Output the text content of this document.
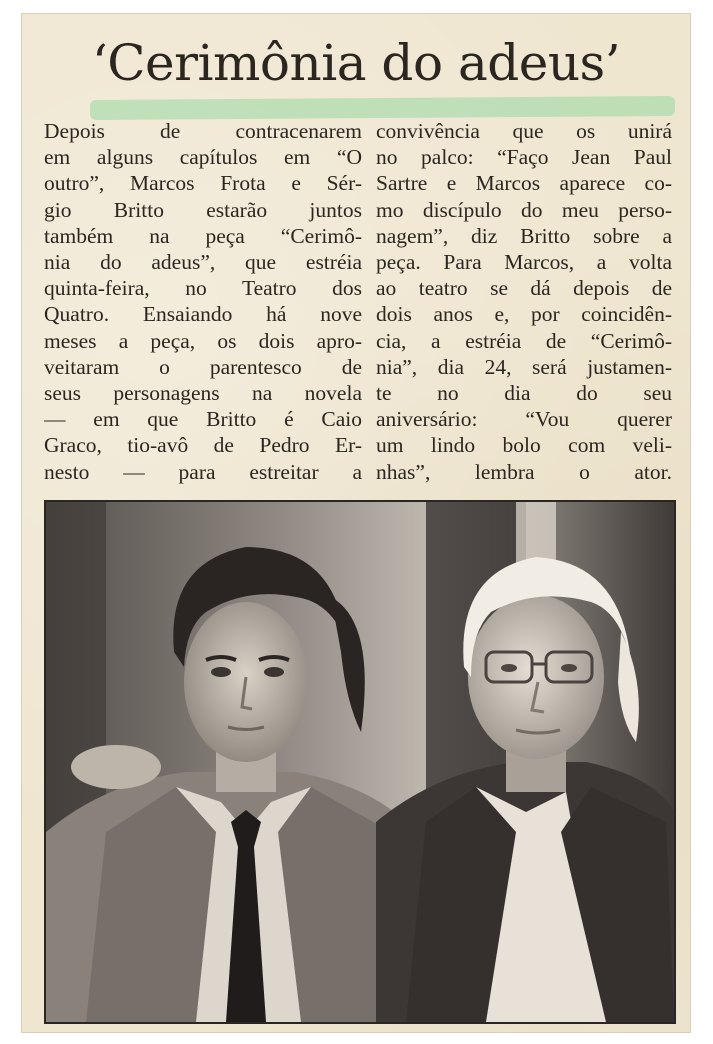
‘Cerimônia do adeus’
Depois de contracenarem
em alguns capítulos em “O
outro”, Marcos Frota e Sér-
gio Britto estarão juntos
também na peça “Cerimô-
nia do adeus”, que estréia
quinta-feira, no Teatro dos
Quatro. Ensaiando há nove
meses a peça, os dois apro-
veitaram o parentesco de
seus personagens na novela
— em que Britto é Caio
Graco, tio-avô de Pedro Er-
nesto — para estreitar a
convivência que os unirá
no palco: “Faço Jean Paul
Sartre e Marcos aparece co-
mo discípulo do meu perso-
nagem”, diz Britto sobre a
peça. Para Marcos, a volta
ao teatro se dá depois de
dois anos e, por coincidên-
cia, a estréia de “Cerimô-
nia”, dia 24, será justamen-
te no dia do seu
aniversário: “Vou querer
um lindo bolo com veli-
nhas”, lembra o ator.
